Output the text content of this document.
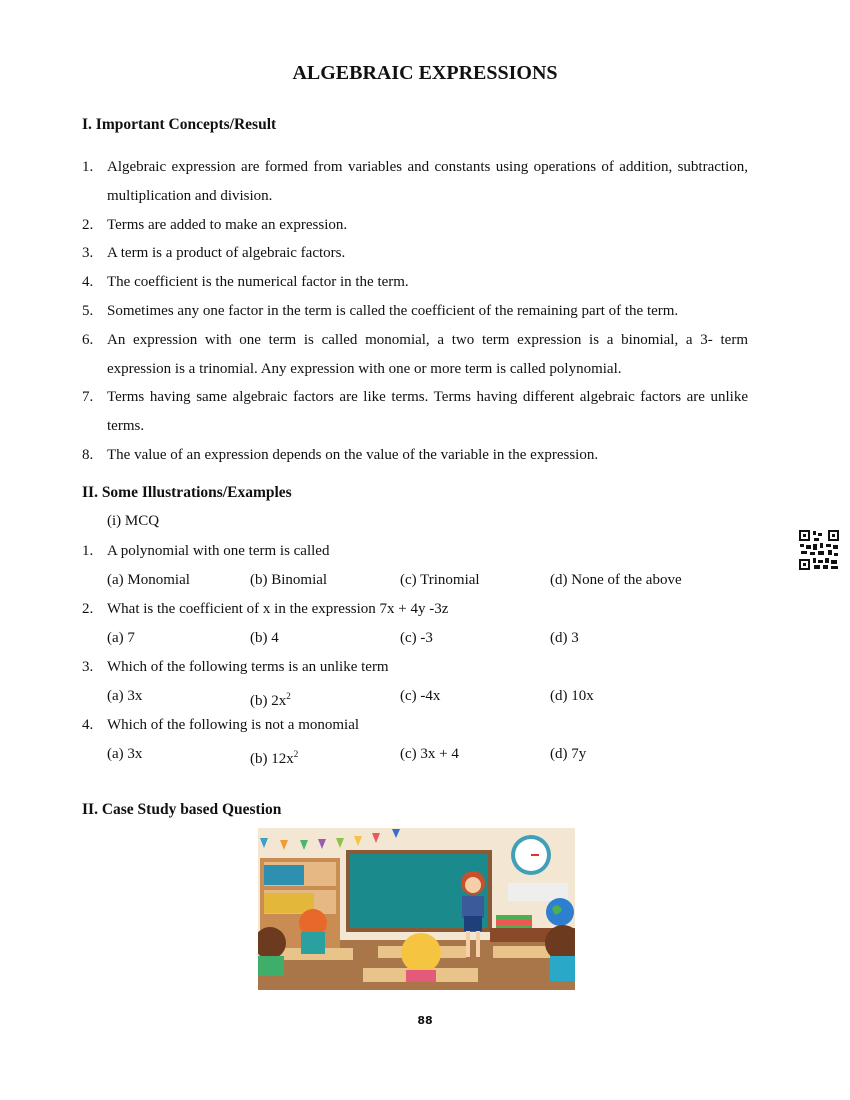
ALGEBRAIC EXPRESSIONS
I. Important Concepts/Result
1. Algebraic expression are formed from variables and constants using operations of addition, subtraction, multiplication and division.
2. Terms are added to make an expression.
3. A term is a product of algebraic factors.
4. The coefficient is the numerical factor in the term.
5. Sometimes any one factor in the term is called the coefficient of the remaining part of the term.
6. An expression with one term is called monomial, a two term expression is a binomial, a 3- term expression is a trinomial. Any expression with one or more term is called polynomial.
7. Terms having same algebraic factors are like terms. Terms having different algebraic factors are unlike terms.
8. The value of an expression depends on the value of the variable in the expression.
II. Some Illustrations/Examples
(i) MCQ
1. A polynomial with one term is called
(a) Monomial	(b) Binomial	(c) Trinomial	(d) None of the above
2. What is the coefficient of x in the expression 7x + 4y -3z
(a) 7	(b) 4	(c) -3	(d) 3
3. Which of the following terms is an unlike term
(a) 3x	(b) $2x^2$	(c) -4x	(d) 10x
4. Which of the following is not a monomial
(a) 3x	(b) $12x^2$	(c) 3x + 4	(d) 7y
II. Case Study based Question
88
